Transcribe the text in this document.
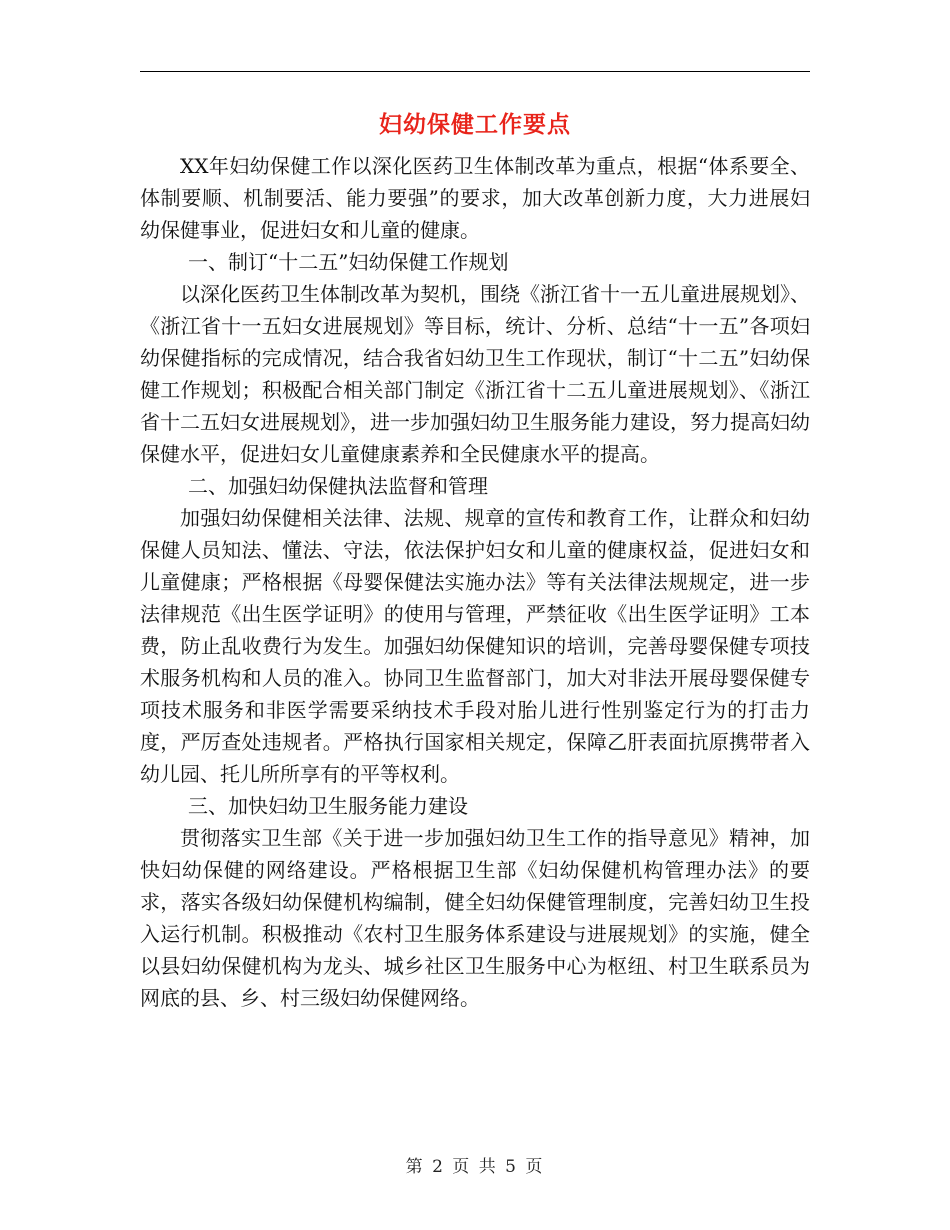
妇幼保健工作要点

XX年妇幼保健工作以深化医药卫生体制改革为重点，根据“体系要全、体制要顺、机制要活、能力要强”的要求，加大改革创新力度，大力进展妇幼保健事业，促进妇女和儿童的健康。

一、制订“十二五”妇幼保健工作规划

以深化医药卫生体制改革为契机，围绕《浙江省十一五儿童进展规划》、《浙江省十一五妇女进展规划》等目标，统计、分析、总结“十一五”各项妇幼保健指标的完成情况，结合我省妇幼卫生工作现状，制订“十二五”妇幼保健工作规划；积极配合相关部门制定《浙江省十二五儿童进展规划》、《浙江省十二五妇女进展规划》，进一步加强妇幼卫生服务能力建设，努力提高妇幼保健水平，促进妇女儿童健康素养和全民健康水平的提高。

二、加强妇幼保健执法监督和管理

加强妇幼保健相关法律、法规、规章的宣传和教育工作，让群众和妇幼保健人员知法、懂法、守法，依法保护妇女和儿童的健康权益，促进妇女和儿童健康；严格根据《母婴保健法实施办法》等有关法律法规规定，进一步法律规范《出生医学证明》的使用与管理，严禁征收《出生医学证明》工本费，防止乱收费行为发生。加强妇幼保健知识的培训，完善母婴保健专项技术服务机构和人员的准入。协同卫生监督部门，加大对非法开展母婴保健专项技术服务和非医学需要采纳技术手段对胎儿进行性别鉴定行为的打击力度，严厉查处违规者。严格执行国家相关规定，保障乙肝表面抗原携带者入幼儿园、托儿所所享有的平等权利。

三、加快妇幼卫生服务能力建设

贯彻落实卫生部《关于进一步加强妇幼卫生工作的指导意见》精神，加快妇幼保健的网络建设。严格根据卫生部《妇幼保健机构管理办法》的要求，落实各级妇幼保健机构编制，健全妇幼保健管理制度，完善妇幼卫生投入运行机制。积极推动《农村卫生服务体系建设与进展规划》的实施，健全以县妇幼保健机构为龙头、城乡社区卫生服务中心为枢纽、村卫生联系员为网底的县、乡、村三级妇幼保健网络。

第 2 页 共 5 页
